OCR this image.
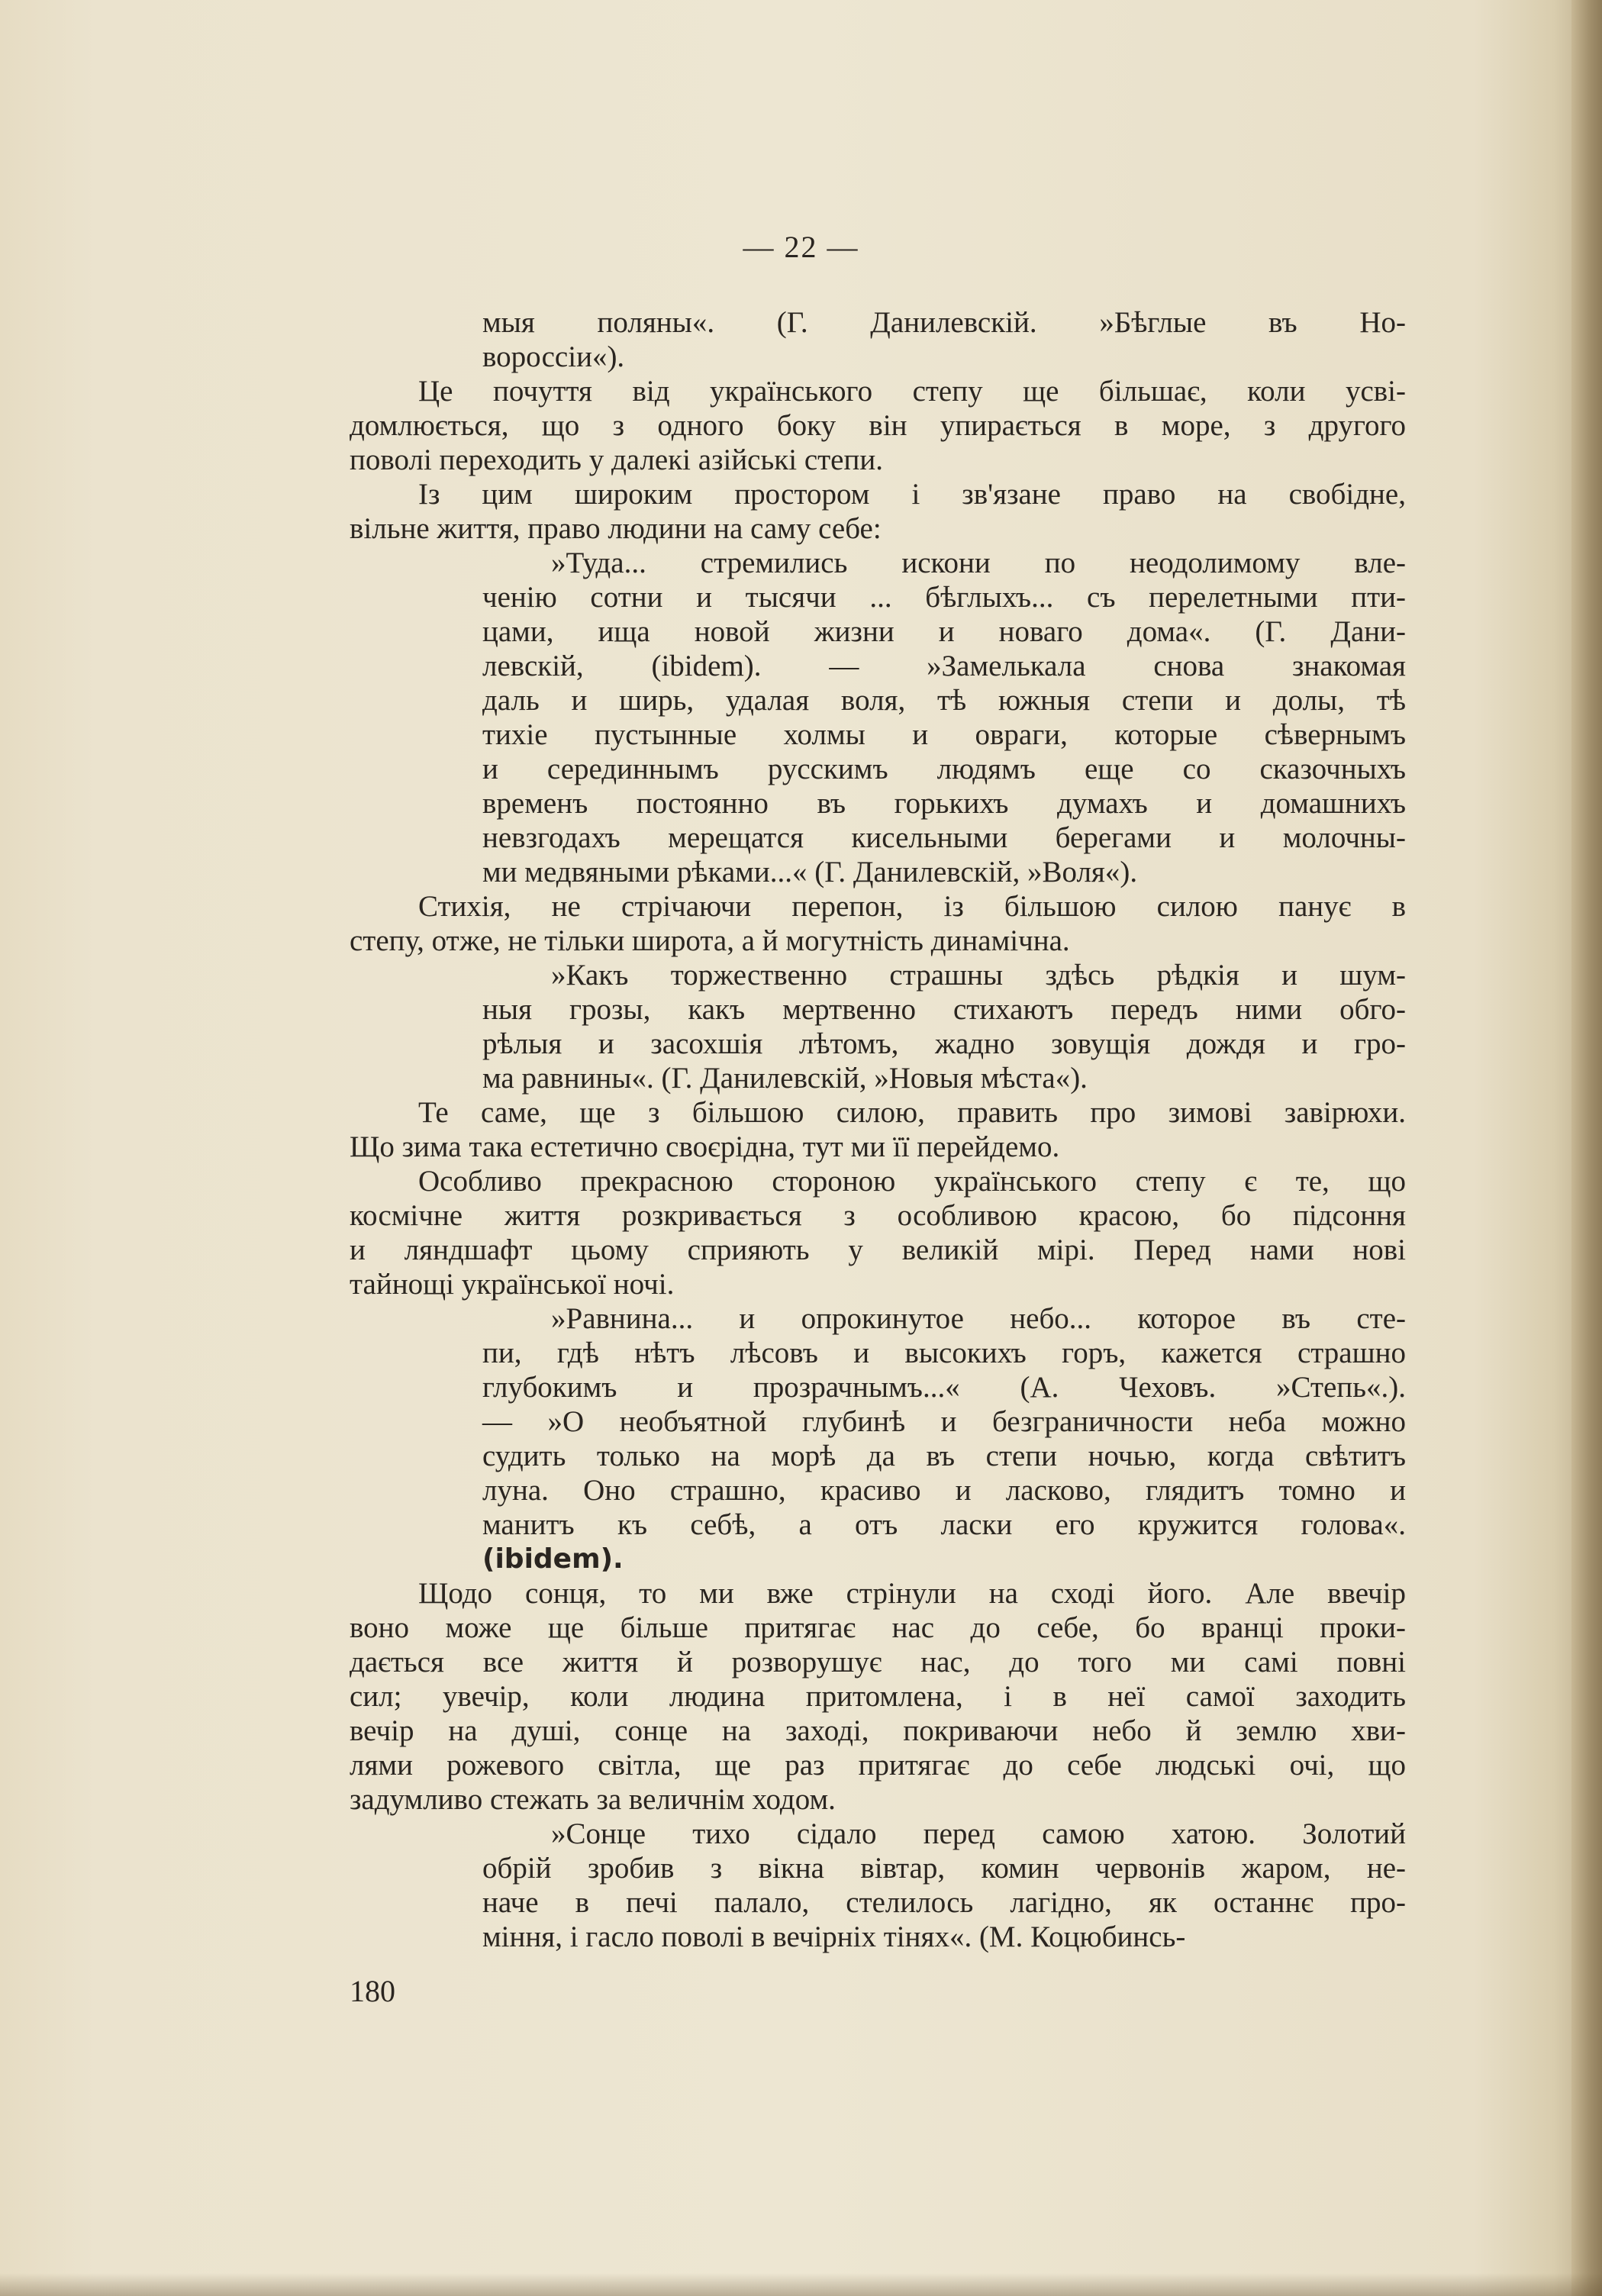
— 22 —

мыя поляны«. (Г. Данилевскій. »Бѣглые въ Но-
вороссіи«).

Це почуття від українського степу ще більшає, коли усві-
домлюється, що з одного боку він упирається в море, з другого
поволі переходить у далекі азійські степи.

Із цим широким простором і зв'язане право на свобідне,
вільне життя, право людини на саму себе:

»Туда... стремились искони по неодолимому вле-
ченію сотни и тысячи ... бѣглыхъ... съ перелетными пти-
цами, ища новой жизни и новаго дома«. (Г. Дани-
левскій, (ibidem). — »Замелькала снова знакомая
даль и ширь, удалая воля, тѣ южныя степи и долы, тѣ
тихіе пустынные холмы и овраги, которые сѣвернымъ
и серединнымъ русскимъ людямъ еще со сказочныхъ
временъ постоянно въ горькихъ думахъ и домашнихъ
невзгодахъ мерещатся кисельными берегами и молочны-
ми медвяными рѣками...« (Г. Данилевскій, »Воля«).

Стихія, не стрічаючи перепон, із більшою силою панує в
степу, отже, не тільки широта, а й могутність динамічна.

»Какъ торжественно страшны здѣсь рѣдкія и шум-
ныя грозы, какъ мертвенно стихаютъ передъ ними обго-
рѣлыя и засохшія лѣтомъ, жадно зовущія дождя и гро-
ма равнины«. (Г. Данилевскій, »Новыя мѣста«).

Те саме, ще з більшою силою, править про зимові завірюхи.
Що зима така естетично своєрідна, тут ми її перейдемо.

Особливо прекрасною стороною українського степу є те, що
космічне життя розкривається з особливою красою, бо підсоння
и ляндшафт цьому сприяють у великій мірі. Перед нами нові
тайнощі української ночі.

»Равнина... и опрокинутое небо... которое въ сте-
пи, гдѣ нѣтъ лѣсовъ и высокихъ горъ, кажется страшно
глубокимъ и прозрачнымъ...« (А. Чеховъ. »Степь«.).
— »О необъятной глубинѣ и безграничности неба можно
судить только на морѣ да въ степи ночью, когда свѣтитъ
луна. Оно страшно, красиво и ласково, глядитъ томно и
манитъ къ себѣ, а отъ ласки его кружится голова«.
(ibidem).

Щодо сонця, то ми вже стрінули на сході його. Але ввечір
воно може ще більше притягає нас до себе, бо вранці проки-
дається все життя й розворушує нас, до того ми самі повні
сил; увечір, коли людина притомлена, і в неї самої заходить
вечір на душі, сонце на заході, покриваючи небо й землю хви-
лями рожевого світла, ще раз притягає до себе людські очі, що
задумливо стежать за величнім ходом.

»Сонце тихо сідало перед самою хатою. Золотий
обрій зробив з вікна вівтар, комин червонів жаром, не-
наче в печі палало, стелилось лагідно, як останнє про-
міння, і гасло поволі в вечірніх тінях«. (М. Коцюбинсь-

180
